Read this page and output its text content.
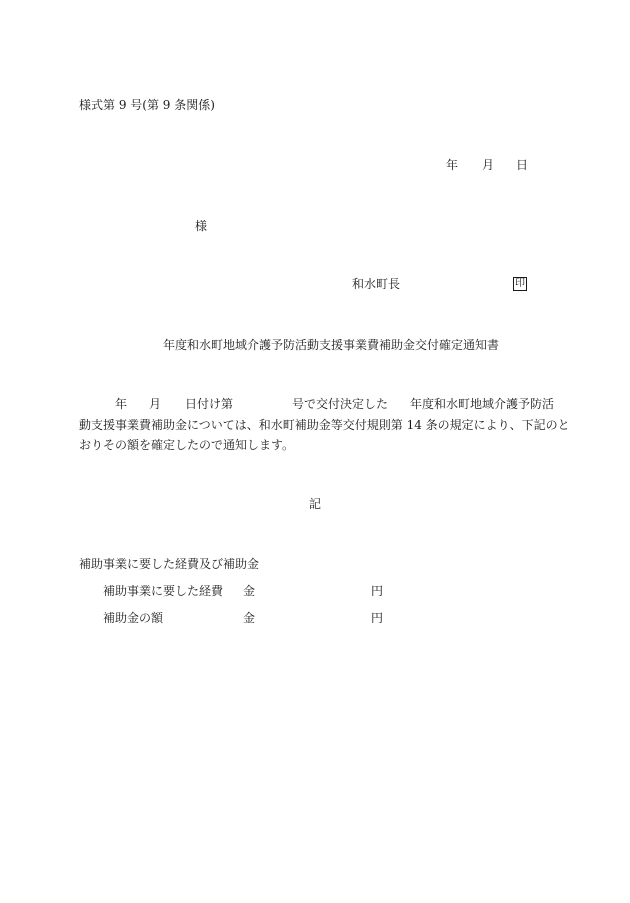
様式第 9 号(第 9 条関係)
年 月 日
様
和水町長	印
年度和水町地域介護予防活動支援事業費補助金交付確定通知書
年 月 日付け第	号で交付決定した 年度和水町地域介護予防活
動支援事業費補助金については、和水町補助金等交付規則第 14 条の規定により、下記のと
おりその額を確定したので通知します。
記
補助事業に要した経費及び補助金
補助事業に要した経費 金	円
補助金の額	金	円
